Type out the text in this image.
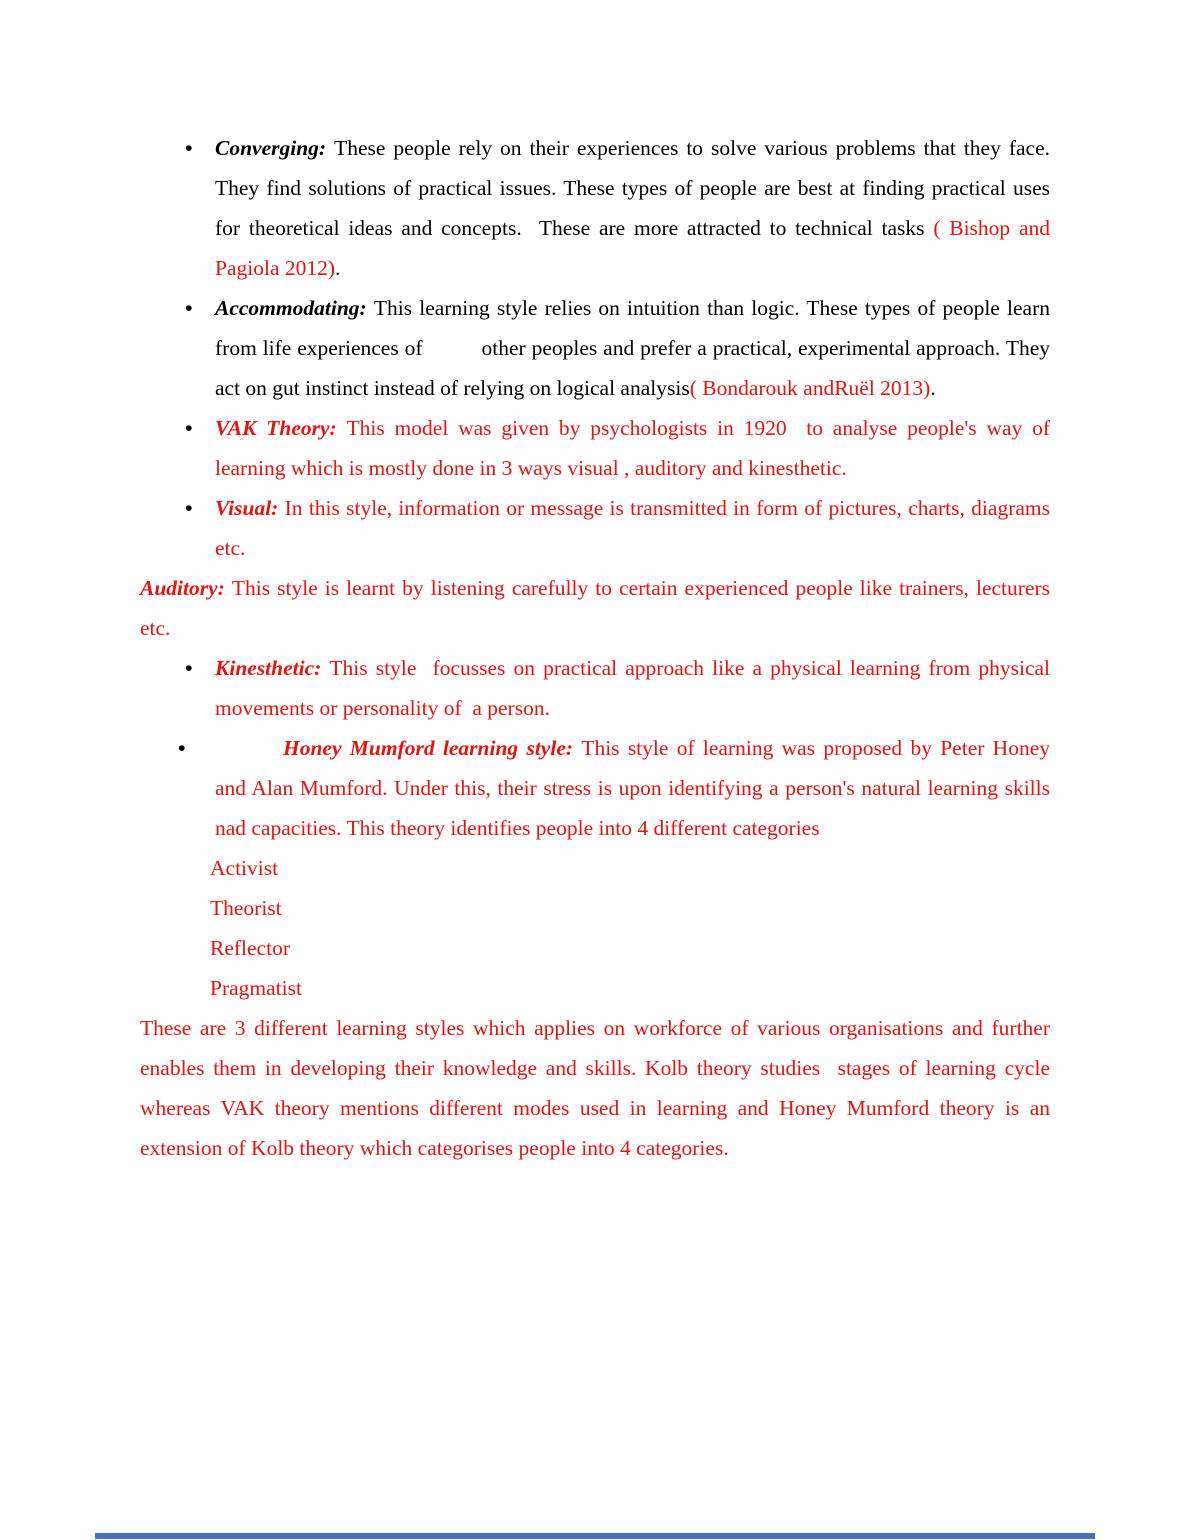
• Converging: These people rely on their experiences to solve various problems that they face. They find solutions of practical issues. These types of people are best at finding practical uses for theoretical ideas and concepts.  These are more attracted to technical tasks ( Bishop and Pagiola 2012).
• Accommodating: This learning style relies on intuition than logic. These types of people learn from life experiences of          other peoples and prefer a practical, experimental approach. They act on gut instinct instead of relying on logical analysis( Bondarouk andRuël 2013).
• VAK Theory: This model was given by psychologists in 1920  to analyse people's way of learning which is mostly done in 3 ways visual , auditory and kinesthetic.
• Visual: In this style, information or message is transmitted in form of pictures, charts, diagrams etc.
Auditory: This style is learnt by listening carefully to certain experienced people like trainers, lecturers etc.
• Kinesthetic: This style  focusses on practical approach like a physical learning from physical movements or personality of  a person.
•	Honey Mumford learning style: This style of learning was proposed by Peter Honey and Alan Mumford. Under this, their stress is upon identifying a person's natural learning skills nad capacities. This theory identifies people into 4 different categories
Activist
Theorist
Reflector
Pragmatist
These are 3 different learning styles which applies on workforce of various organisations and further enables them in developing their knowledge and skills. Kolb theory studies  stages of learning cycle whereas VAK theory mentions different modes used in learning and Honey Mumford theory is an extension of Kolb theory which categorises people into 4 categories.
